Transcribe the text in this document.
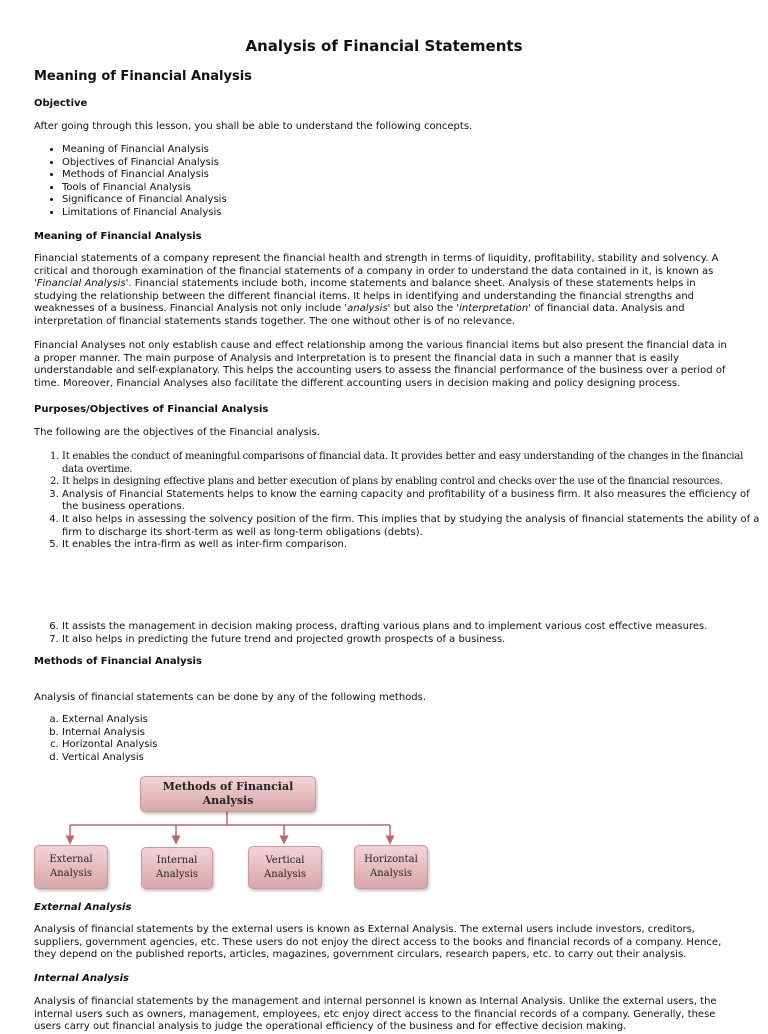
Analysis of Financial Statements
Meaning of Financial Analysis
Objective

After going through this lesson, you shall be able to understand the following concepts.

• Meaning of Financial Analysis
• Objectives of Financial Analysis
• Methods of Financial Analysis
• Tools of Financial Analysis
• Significance of Financial Analysis
• Limitations of Financial Analysis
Meaning of Financial Analysis

Financial statements of a company represent the financial health and strength in terms of liquidity, profitability, stability and solvency. A critical and thorough examination of the financial statements of a company in order to understand the data contained in it, is known as 'Financial Analysis'. Financial statements include both, income statements and balance sheet. Analysis of these statements helps in studying the relationship between the different financial items. It helps in identifying and understanding the financial strengths and weaknesses of a business. Financial Analysis not only include 'analysis' but also the 'interpretation' of financial data. Analysis and interpretation of financial statements stands together. The one without other is of no relevance.

Financial Analyses not only establish cause and effect relationship among the various financial items but also present the financial data in a proper manner. The main purpose of Analysis and Interpretation is to present the financial data in such a manner that is easily understandable and self-explanatory. This helps the accounting users to assess the financial performance of the business over a period of time. Moreover, Financial Analyses also facilitate the different accounting users in decision making and policy designing process.

Purposes/Objectives of Financial Analysis

The following are the objectives of the Financial analysis.

1. It enables the conduct of meaningful comparisons of financial data. It provides better and easy understanding of the changes in the financial data overtime.
2. It helps in designing effective plans and better execution of plans by enabling control and checks over the use of the financial resources.
3. Analysis of Financial Statements helps to know the earning capacity and profitability of a business firm. It also measures the efficiency of the business operations.
4. It also helps in assessing the solvency position of the firm. This implies that by studying the analysis of financial statements the ability of a firm to discharge its short-term as well as long-term obligations (debts).
5. It enables the intra-firm as well as inter-firm comparison.
6. It assists the management in decision making process, drafting various plans and to implement various cost effective measures.
7. It also helps in predicting the future trend and projected growth prospects of a business.
Methods of Financial Analysis

Analysis of financial statements can be done by any of the following methods.

a. External Analysis
b. Internal Analysis
c. Horizontal Analysis
d. Vertical Analysis
Methods of Financial Analysis
External
Analysis
Internal
Analysis
Vertical
Analysis
Horizontal
Analysis
External Analysis

Analysis of financial statements by the external users is known as External Analysis. The external users include investors, creditors, suppliers, government agencies, etc. These users do not enjoy the direct access to the books and financial records of a company. Hence, they depend on the published reports, articles, magazines, government circulars, research papers, etc. to carry out their analysis.

Internal Analysis

Analysis of financial statements by the management and internal personnel is known as Internal Analysis. Unlike the external users, the internal users such as owners, management, employees, etc enjoy direct access to the financial records of a company. Generally, these users carry out financial analysis to judge the operational efficiency of the business and for effective decision making.
